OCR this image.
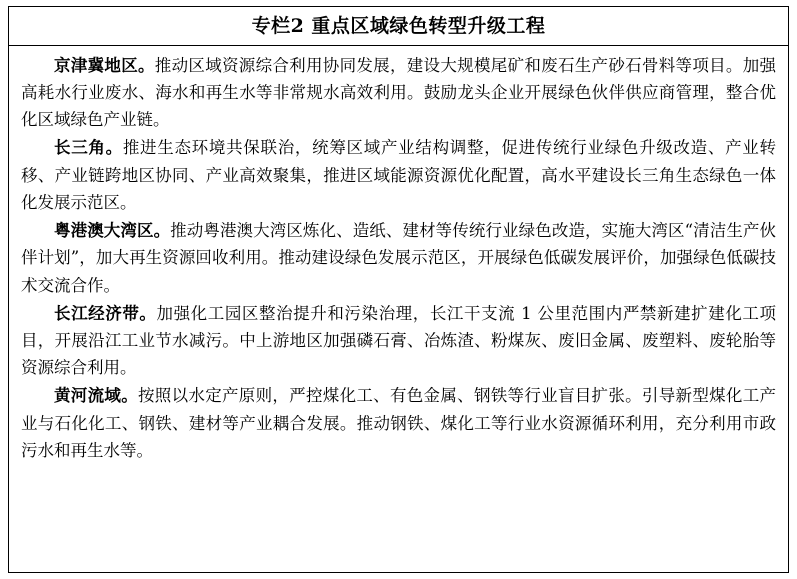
专栏2 重点区域绿色转型升级工程

京津冀地区。推动区域资源综合利用协同发展，建设大规模尾矿和废石生产砂石骨料等项目。加强高耗水行业废水、海水和再生水等非常规水高效利用。鼓励龙头企业开展绿色伙伴供应商管理，整合优化区域绿色产业链。

长三角。推进生态环境共保联治，统筹区域产业结构调整，促进传统行业绿色升级改造、产业转移、产业链跨地区协同、产业高效聚集，推进区域能源资源优化配置，高水平建设长三角生态绿色一体化发展示范区。

粤港澳大湾区。推动粤港澳大湾区炼化、造纸、建材等传统行业绿色改造，实施大湾区“清洁生产伙伴计划”，加大再生资源回收利用。推动建设绿色发展示范区，开展绿色低碳发展评价，加强绿色低碳技术交流合作。

长江经济带。加强化工园区整治提升和污染治理，长江干支流 1 公里范围内严禁新建扩建化工项目，开展沿江工业节水减污。中上游地区加强磷石膏、冶炼渣、粉煤灰、废旧金属、废塑料、废轮胎等资源综合利用。

黄河流域。按照以水定产原则，严控煤化工、有色金属、钢铁等行业盲目扩张。引导新型煤化工产业与石化化工、钢铁、建材等产业耦合发展。推动钢铁、煤化工等行业水资源循环利用，充分利用市政污水和再生水等。
